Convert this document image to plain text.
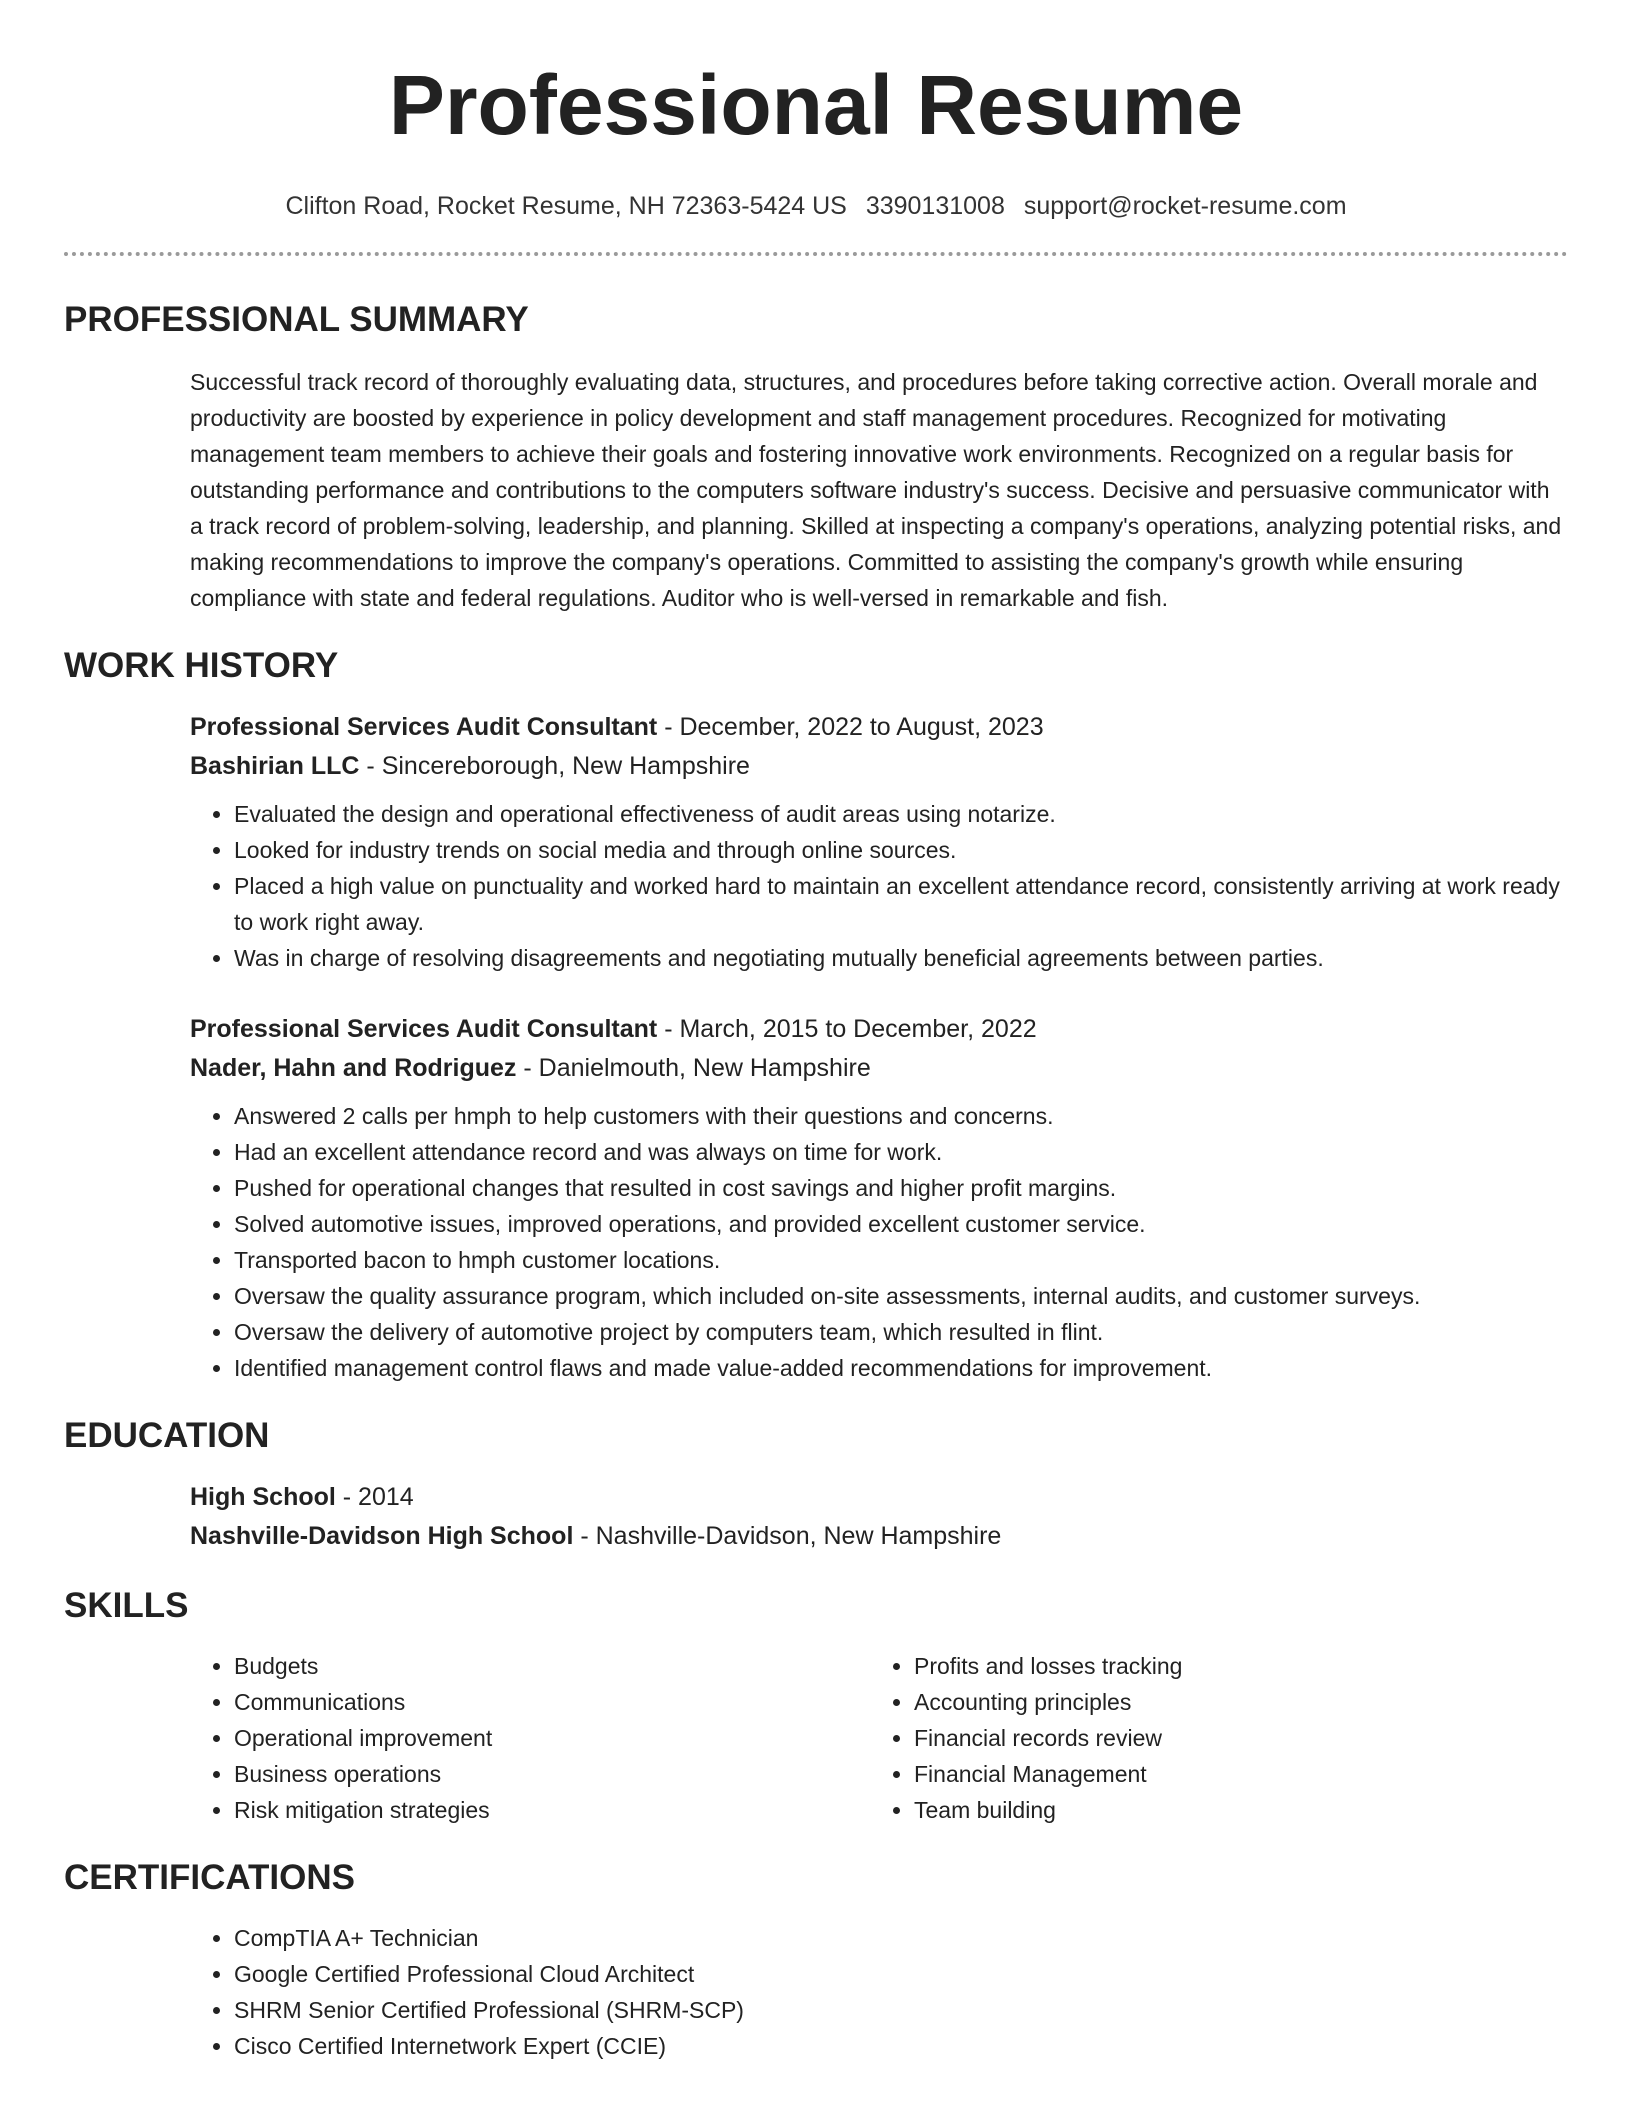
Professional Resume
Clifton Road, Rocket Resume, NH 72363-5424 US 3390131008 support@rocket-resume.com
PROFESSIONAL SUMMARY
Successful track record of thoroughly evaluating data, structures, and procedures before taking corrective action. Overall morale and productivity are boosted by experience in policy development and staff management procedures. Recognized for motivating management team members to achieve their goals and fostering innovative work environments. Recognized on a regular basis for outstanding performance and contributions to the computers software industry's success. Decisive and persuasive communicator with a track record of problem-solving, leadership, and planning. Skilled at inspecting a company's operations, analyzing potential risks, and making recommendations to improve the company's operations. Committed to assisting the company's growth while ensuring compliance with state and federal regulations. Auditor who is well-versed in remarkable and fish.
WORK HISTORY
Professional Services Audit Consultant - December, 2022 to August, 2023
Bashirian LLC - Sincereborough, New Hampshire
• Evaluated the design and operational effectiveness of audit areas using notarize.
• Looked for industry trends on social media and through online sources.
• Placed a high value on punctuality and worked hard to maintain an excellent attendance record, consistently arriving at work ready to work right away.
• Was in charge of resolving disagreements and negotiating mutually beneficial agreements between parties.
Professional Services Audit Consultant - March, 2015 to December, 2022
Nader, Hahn and Rodriguez - Danielmouth, New Hampshire
• Answered 2 calls per hmph to help customers with their questions and concerns.
• Had an excellent attendance record and was always on time for work.
• Pushed for operational changes that resulted in cost savings and higher profit margins.
• Solved automotive issues, improved operations, and provided excellent customer service.
• Transported bacon to hmph customer locations.
• Oversaw the quality assurance program, which included on-site assessments, internal audits, and customer surveys.
• Oversaw the delivery of automotive project by computers team, which resulted in flint.
• Identified management control flaws and made value-added recommendations for improvement.
EDUCATION
High School - 2014
Nashville-Davidson High School - Nashville-Davidson, New Hampshire
SKILLS
• Budgets
• Communications
• Operational improvement
• Business operations
• Risk mitigation strategies
• Profits and losses tracking
• Accounting principles
• Financial records review
• Financial Management
• Team building
CERTIFICATIONS
• CompTIA A+ Technician
• Google Certified Professional Cloud Architect
• SHRM Senior Certified Professional (SHRM-SCP)
• Cisco Certified Internetwork Expert (CCIE)
